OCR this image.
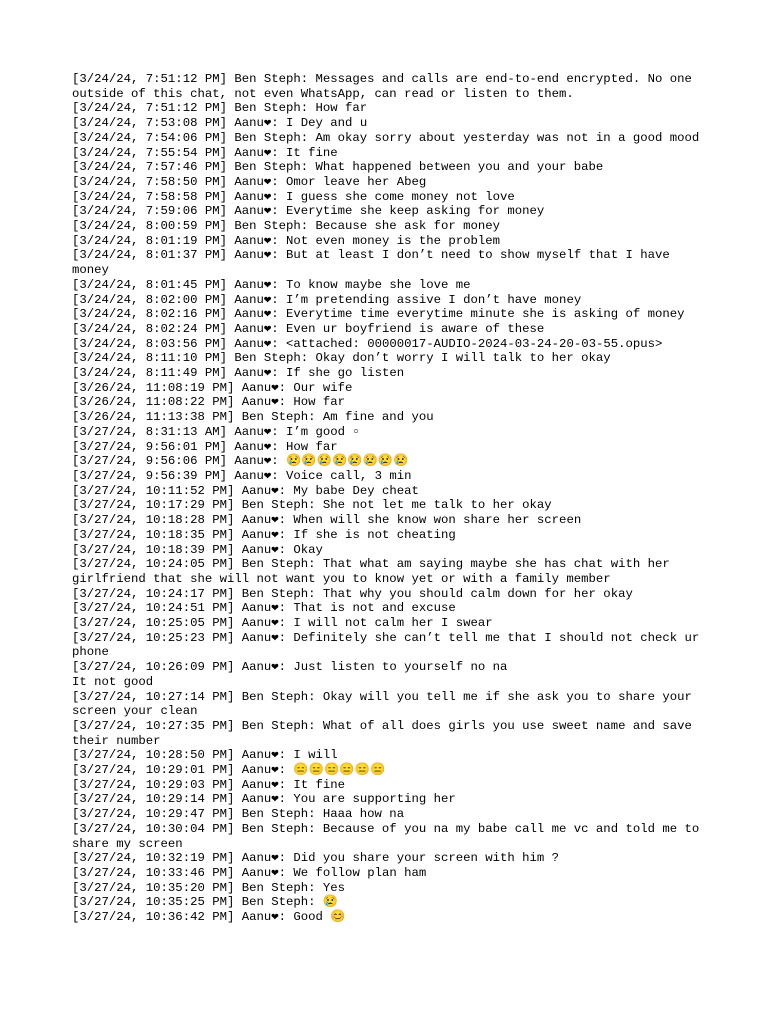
[3/24/24, 7:51:12 PM] Ben Steph: Messages and calls are end-to-end encrypted. No one outside of this chat, not even WhatsApp, can read or listen to them.
[3/24/24, 7:51:12 PM] Ben Steph: How far
[3/24/24, 7:53:08 PM] Aanu❤: I Dey and u
[3/24/24, 7:54:06 PM] Ben Steph: Am okay sorry about yesterday was not in a good mood
[3/24/24, 7:55:54 PM] Aanu❤: It fine
[3/24/24, 7:57:46 PM] Ben Steph: What happened between you and your babe
[3/24/24, 7:58:50 PM] Aanu❤: Omor leave her Abeg
[3/24/24, 7:58:58 PM] Aanu❤: I guess she come money not love
[3/24/24, 7:59:06 PM] Aanu❤: Everytime she keep asking for money
[3/24/24, 8:00:59 PM] Ben Steph: Because she ask for money
[3/24/24, 8:01:19 PM] Aanu❤: Not even money is the problem
[3/24/24, 8:01:37 PM] Aanu❤: But at least I don’t need to show myself that I have money
[3/24/24, 8:01:45 PM] Aanu❤: To know maybe she love me
[3/24/24, 8:02:00 PM] Aanu❤: I’m pretending assive I don’t have money
[3/24/24, 8:02:16 PM] Aanu❤: Everytime time everytime minute she is asking of money
[3/24/24, 8:02:24 PM] Aanu❤: Even ur boyfriend is aware of these
[3/24/24, 8:03:56 PM] Aanu❤: <attached: 00000017-AUDIO-2024-03-24-20-03-55.opus>
[3/24/24, 8:11:10 PM] Ben Steph: Okay don’t worry I will talk to her okay
[3/24/24, 8:11:49 PM] Aanu❤: If she go listen
[3/26/24, 11:08:19 PM] Aanu❤: Our wife
[3/26/24, 11:08:22 PM] Aanu❤: How far
[3/26/24, 11:13:38 PM] Ben Steph: Am fine and you
[3/27/24, 8:31:13 AM] Aanu❤: I’m good ▫
[3/27/24, 9:56:01 PM] Aanu❤: How far
[3/27/24, 9:56:06 PM] Aanu❤: 😢😢😢😢😢😢😢😢
[3/27/24, 9:56:39 PM] Aanu❤: Voice call, 3 min
[3/27/24, 10:11:52 PM] Aanu❤: My babe Dey cheat
[3/27/24, 10:17:29 PM] Ben Steph: She not let me talk to her okay
[3/27/24, 10:18:28 PM] Aanu❤: When will she know won share her screen
[3/27/24, 10:18:35 PM] Aanu❤: If she is not cheating
[3/27/24, 10:18:39 PM] Aanu❤: Okay
[3/27/24, 10:24:05 PM] Ben Steph: That what am saying maybe she has chat with her girlfriend that she will not want you to know yet or with a family member
[3/27/24, 10:24:17 PM] Ben Steph: That why you should calm down for her okay
[3/27/24, 10:24:51 PM] Aanu❤: That is not and excuse
[3/27/24, 10:25:05 PM] Aanu❤: I will not calm her I swear
[3/27/24, 10:25:23 PM] Aanu❤: Definitely she can’t tell me that I should not check ur phone
[3/27/24, 10:26:09 PM] Aanu❤: Just listen to yourself no na
It not good
[3/27/24, 10:27:14 PM] Ben Steph: Okay will you tell me if she ask you to share your screen your clean
[3/27/24, 10:27:35 PM] Ben Steph: What of all does girls you use sweet name and save their number
[3/27/24, 10:28:50 PM] Aanu❤: I will
[3/27/24, 10:29:01 PM] Aanu❤: 😑😑😑😑😑😑
[3/27/24, 10:29:03 PM] Aanu❤: It fine
[3/27/24, 10:29:14 PM] Aanu❤: You are supporting her
[3/27/24, 10:29:47 PM] Ben Steph: Haaa how na
[3/27/24, 10:30:04 PM] Ben Steph: Because of you na my babe call me vc and told me to share my screen
[3/27/24, 10:32:19 PM] Aanu❤: Did you share your screen with him ?
[3/27/24, 10:33:46 PM] Aanu❤: We follow plan ham
[3/27/24, 10:35:20 PM] Ben Steph: Yes
[3/27/24, 10:35:25 PM] Ben Steph: 😢
[3/27/24, 10:36:42 PM] Aanu❤: Good 😊
